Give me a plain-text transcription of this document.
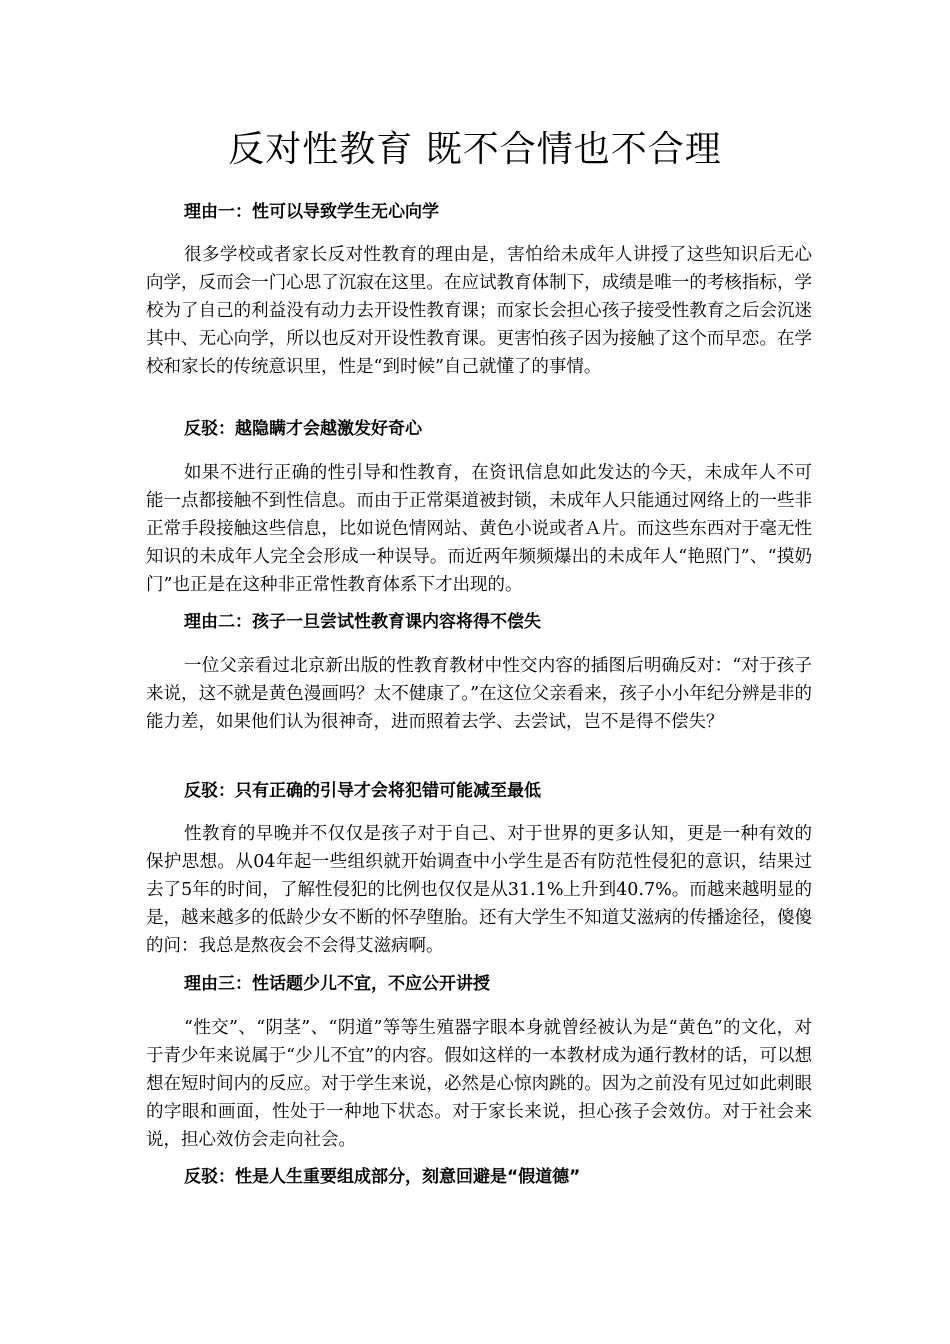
反对性教育 既不合情也不合理
理由一：性可以导致学生无心向学
很多学校或者家长反对性教育的理由是，害怕给未成年人讲授了这些知识后无心向学，反而会一门心思了沉寂在这里。在应试教育体制下，成绩是唯一的考核指标，学校为了自己的利益没有动力去开设性教育课；而家长会担心孩子接受性教育之后会沉迷其中、无心向学，所以也反对开设性教育课。更害怕孩子因为接触了这个而早恋。在学校和家长的传统意识里，性是“到时候”自己就懂了的事情。
反驳：越隐瞒才会越激发好奇心
如果不进行正确的性引导和性教育，在资讯信息如此发达的今天，未成年人不可能一点都接触不到性信息。而由于正常渠道被封锁，未成年人只能通过网络上的一些非正常手段接触这些信息，比如说色情网站、黄色小说或者Ａ片。而这些东西对于毫无性知识的未成年人完全会形成一种误导。而近两年频频爆出的未成年人“艳照门”、“摸奶门”也正是在这种非正常性教育体系下才出现的。
理由二：孩子一旦尝试性教育课内容将得不偿失
一位父亲看过北京新出版的性教育教材中性交内容的插图后明确反对：“对于孩子来说，这不就是黄色漫画吗？太不健康了。”在这位父亲看来，孩子小小年纪分辨是非的能力差，如果他们认为很神奇，进而照着去学、去尝试，岂不是得不偿失？
反驳：只有正确的引导才会将犯错可能减至最低
性教育的早晚并不仅仅是孩子对于自己、对于世界的更多认知，更是一种有效的保护思想。从04年起一些组织就开始调查中小学生是否有防范性侵犯的意识，结果过去了5年的时间，了解性侵犯的比例也仅仅是从31.1%上升到40.7%。而越来越明显的是，越来越多的低龄少女不断的怀孕堕胎。还有大学生不知道艾滋病的传播途径，傻傻的问：我总是熬夜会不会得艾滋病啊。
理由三：性话题少儿不宜，不应公开讲授
“性交”、“阴茎”、“阴道”等等生殖器字眼本身就曾经被认为是“黄色”的文化，对于青少年来说属于“少儿不宜”的内容。假如这样的一本教材成为通行教材的话，可以想想在短时间内的反应。对于学生来说，必然是心惊肉跳的。因为之前没有见过如此刺眼的字眼和画面，性处于一种地下状态。对于家长来说，担心孩子会效仿。对于社会来说，担心效仿会走向社会。
反驳：性是人生重要组成部分，刻意回避是“假道德”
